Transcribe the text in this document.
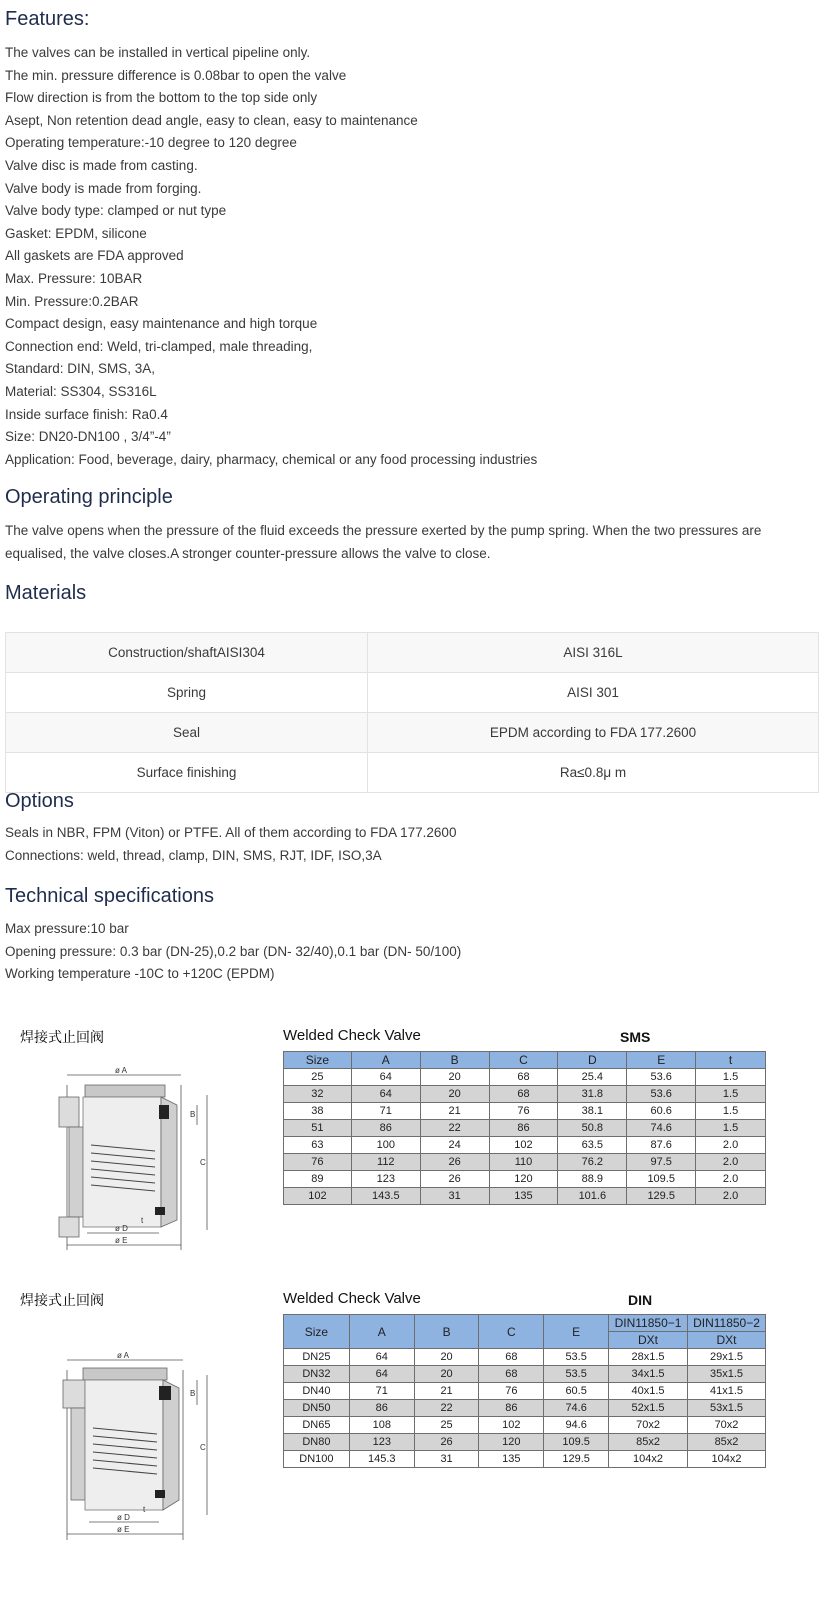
Features:

The valves can be installed in vertical pipeline only.

The min. pressure difference is 0.08bar to open the valve

Flow direction is from the bottom to the top side only

Asept, Non retention dead angle, easy to clean, easy to maintenance

Operating temperature:-10 degree to 120 degree

Valve disc is made from casting.

Valve body is made from forging.

Valve body type: clamped or nut type

Gasket: EPDM, silicone

All gaskets are FDA approved

Max. Pressure: 10BAR

Min. Pressure:0.2BAR

Compact design, easy maintenance and high torque

Connection end: Weld, tri-clamped, male threading,

Standard: DIN, SMS, 3A,

Material: SS304, SS316L

Inside surface finish: Ra0.4

Size: DN20-DN100 , 3/4”-4”

Application: Food, beverage, dairy, pharmacy, chemical or any food processing industries

Operating principle

The valve opens when the pressure of the fluid exceeds the pressure exerted by the pump spring. When the two pressures are equalised, the valve closes.A stronger counter-pressure allows the valve to close.

Materials
Construction/shaftAISI304	AISI 316L
Spring	AISI 301
Seal	EPDM according to FDA 177.2600
Surface finishing	Ra≤0.8μ m
Options

Seals in NBR, FPM (Viton) or PTFE. All of them according to FDA 177.2600

Connections: weld, thread, clamp, DIN, SMS, RJT, IDF, ISO,3A

Technical specifications

Max pressure:10 bar

Opening pressure: 0.3 bar (DN-25),0.2 bar (DN- 32/40),0.1 bar (DN- 50/100)

Working temperature -10C to +120C (EPDM)

焊接式止回阀	Welded Check Valve	SMS
ø A
B
C
ø D
t
ø E
Size	A	B	C	D	E	t
25	64	20	68	25.4	53.6	1.5
32	64	20	68	31.8	53.6	1.5
38	71	21	76	38.1	60.6	1.5
51	86	22	86	50.8	74.6	1.5
63	100	24	102	63.5	87.6	2.0
76	112	26	110	76.2	97.5	2.0
89	123	26	120	88.9	109.5	2.0
102	143.5	31	135	101.6	129.5	2.0
焊接式止回阀	Welded Check Valve	DIN
ø A
B
C
ø D
t
ø E
Size	A	B	C	E	DIN11850−1	DIN11850−2
					DXt	DXt
DN25	64	20	68	53.5	28x1.5	29x1.5
DN32	64	20	68	53.5	34x1.5	35x1.5
DN40	71	21	76	60.5	40x1.5	41x1.5
DN50	86	22	86	74.6	52x1.5	53x1.5
DN65	108	25	102	94.6	70x2	70x2
DN80	123	26	120	109.5	85x2	85x2
DN100	145.3	31	135	129.5	104x2	104x2
